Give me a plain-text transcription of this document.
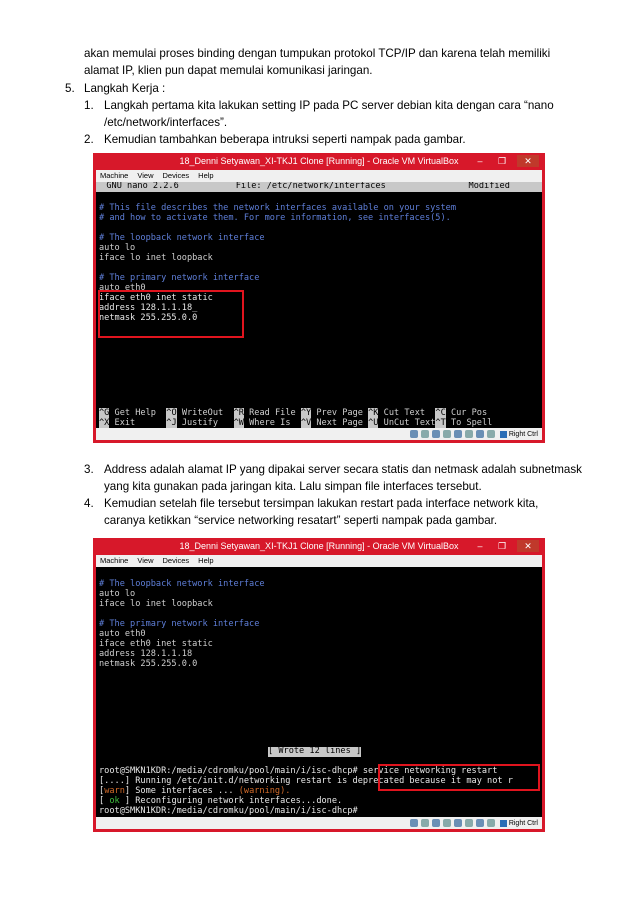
akan memulai proses binding dengan tumpukan protokol TCP/IP dan karena telah memiliki
alamat IP, klien pun dapat memulai komunikasi jaringan.
5. Langkah Kerja :
1. Langkah pertama kita lakukan setting IP pada PC server debian kita dengan cara “nano
/etc/network/interfaces”.
2. Kemudian tambahkan beberapa intruksi seperti nampak pada gambar.
18_Denni Setyawan_XI-TKJ1 Clone [Running] - Oracle VM VirtualBox	–	❐	✕
Machine View Devices Help
GNU nano 2.2.6           File: /etc/network/interfaces                Modified
# This file describes the network interfaces available on your system
# and how to activate them. For more information, see interfaces(5).
# The loopback network interface
auto lo
iface lo inet loopback
# The primary network interface
auto eth0
iface eth0 inet static
address 128.1.1.18_
netmask 255.255.0.0
^G Get Help  ^O WriteOut  ^R Read File ^Y Prev Page ^K Cut Text  ^C Cur Pos
^X Exit      ^J Justify   ^W Where Is  ^V Next Page ^U UnCut Text^T To Spell
Right Ctrl
3. Address adalah alamat IP yang dipakai server secara statis dan netmask adalah subnetmask
yang kita gunakan pada jaringan kita. Lalu simpan file interfaces tersebut.
4. Kemudian setelah file tersebut tersimpan lakukan restart pada interface network kita,
caranya ketikkan “service networking resatart” seperti nampak pada gambar.
18_Denni Setyawan_XI-TKJ1 Clone [Running] - Oracle VM VirtualBox	–	❐	✕
Machine View Devices Help
# The loopback network interface
auto lo
iface lo inet loopback
# The primary network interface
auto eth0
iface eth0 inet static
address 128.1.1.18
netmask 255.255.0.0
[ Wrote 12 lines ]
root@SMKN1KDR:/media/cdromku/pool/main/i/isc-dhcp# service networking restart
[....] Running /etc/init.d/networking restart is deprecated because it may not r
[warn] Some interfaces ... (warning).
[ ok ] Reconfiguring network interfaces...done.
root@SMKN1KDR:/media/cdromku/pool/main/i/isc-dhcp#
Right Ctrl
